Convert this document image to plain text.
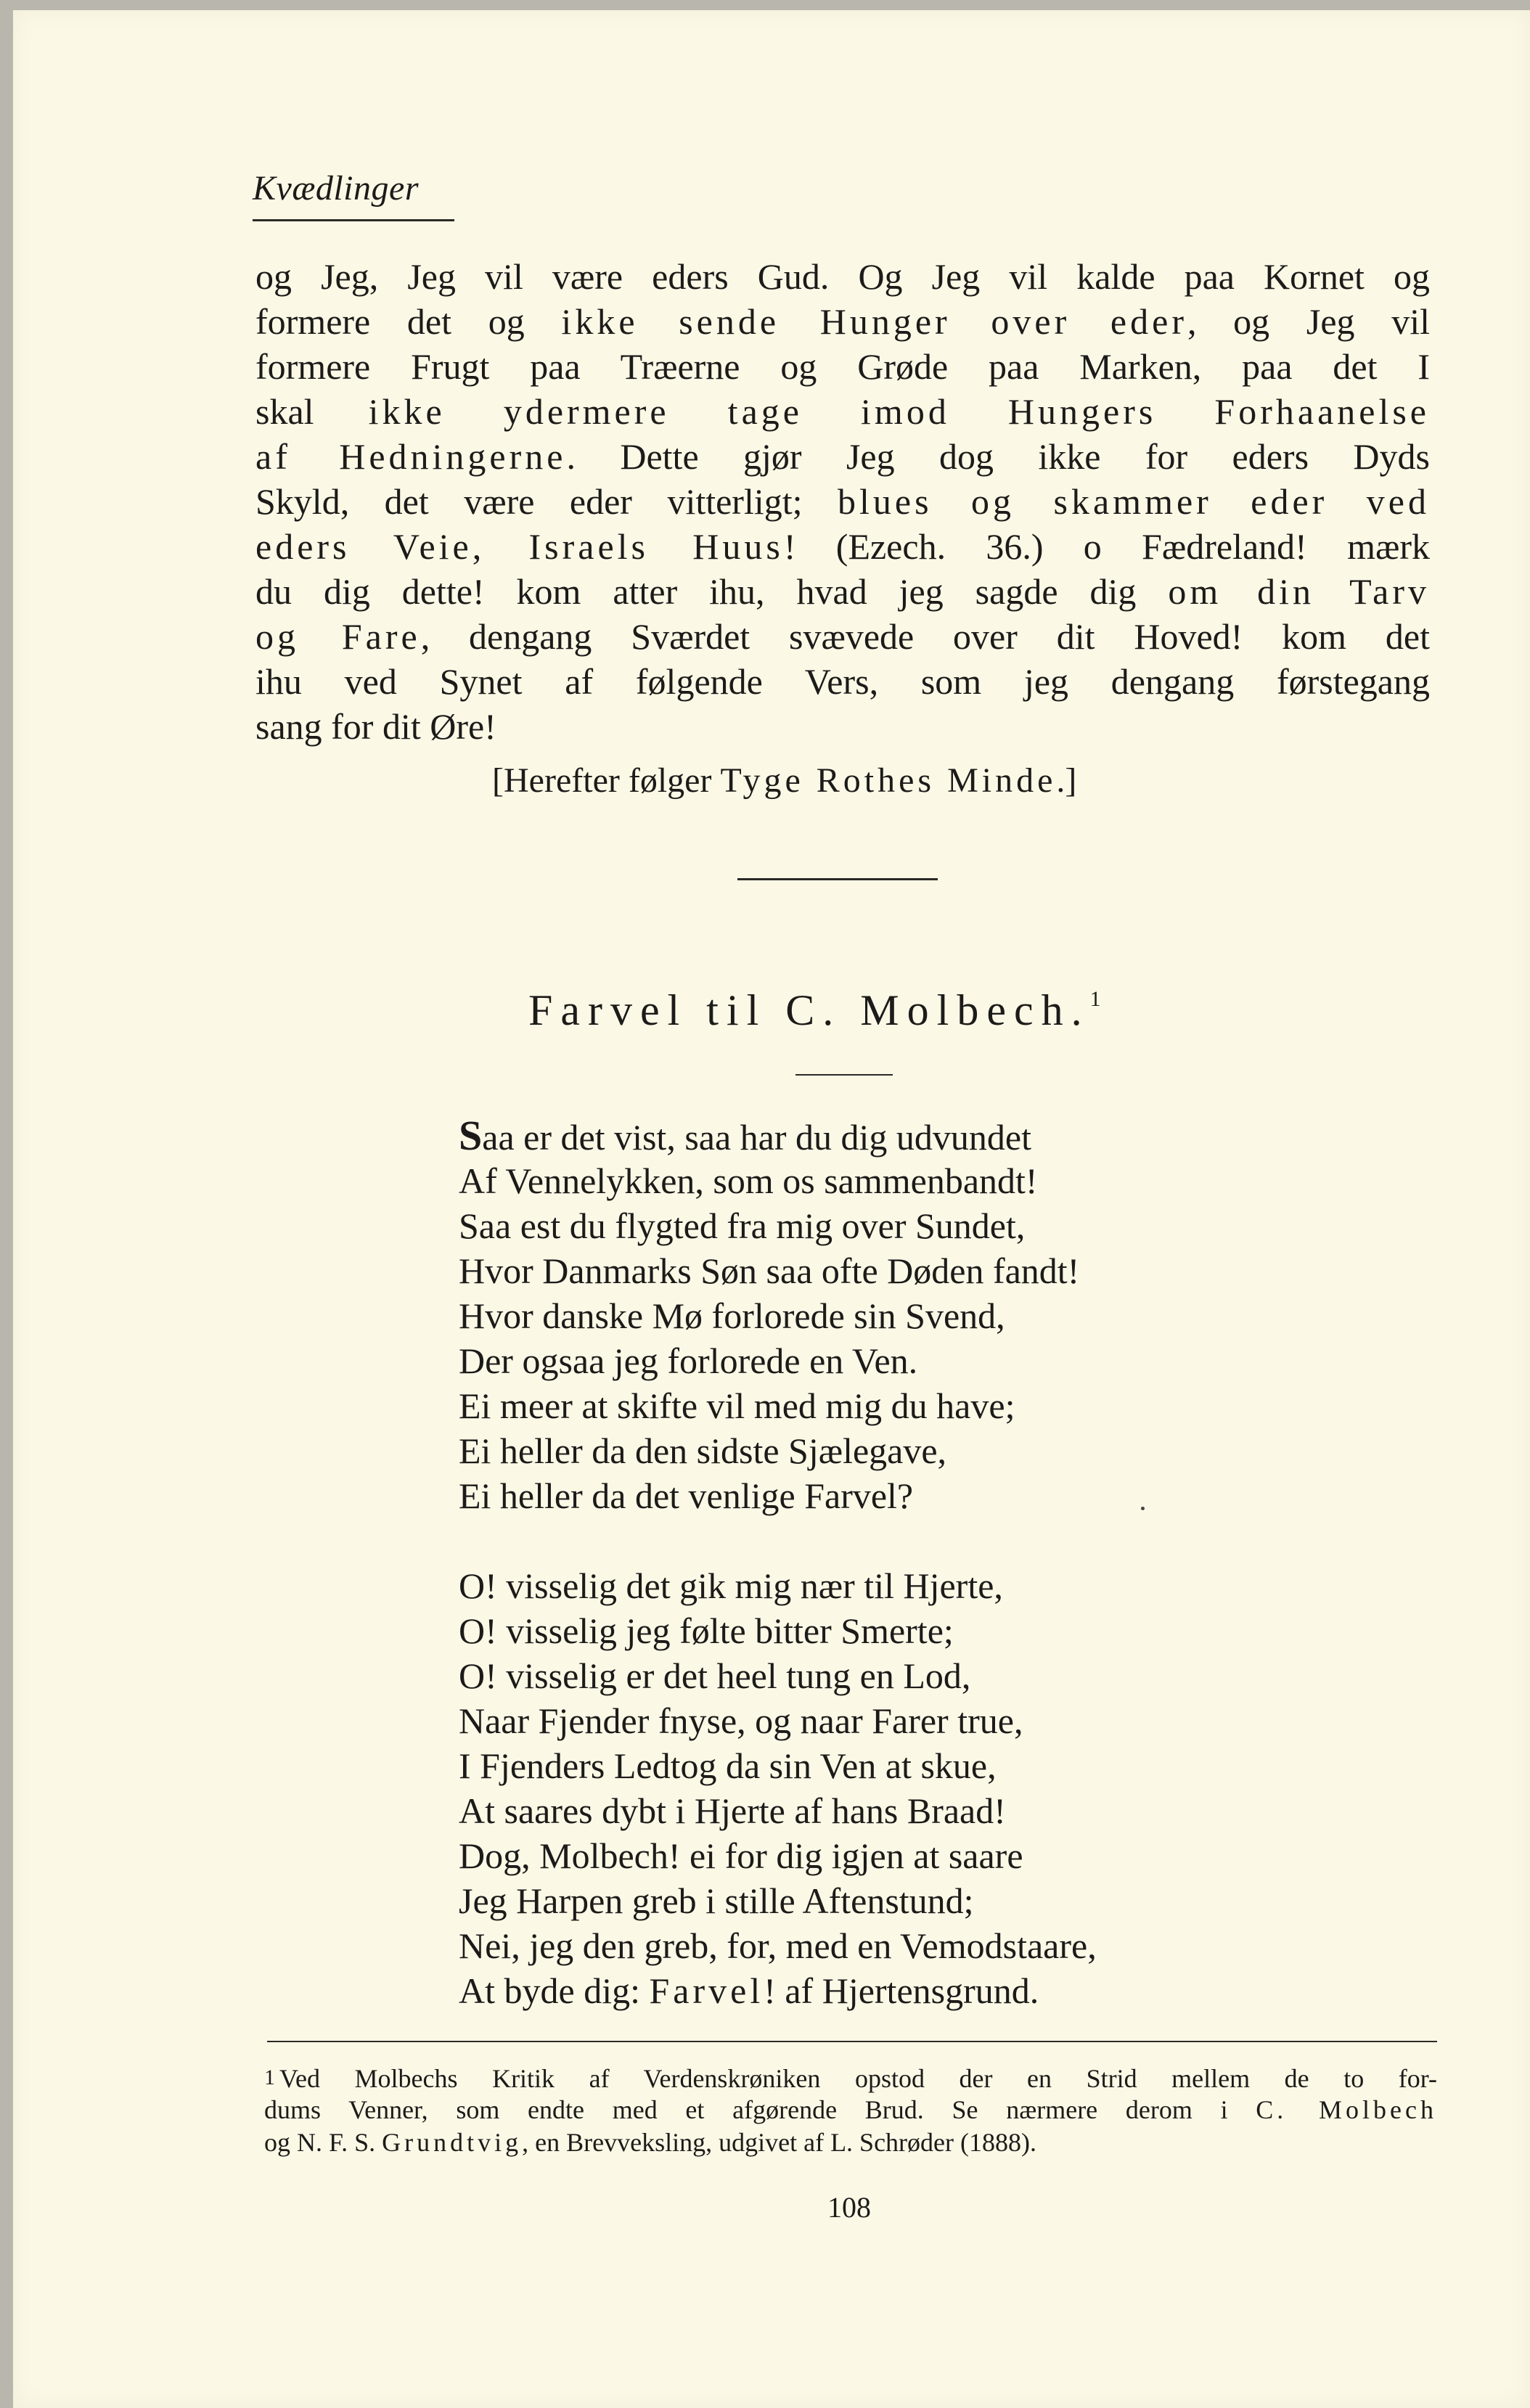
Kvædlinger
og Jeg, Jeg vil være eders Gud. Og Jeg vil kalde paa Kornet og
formere det og ikke sende Hunger over eder, og Jeg vil
formere Frugt paa Træerne og Grøde paa Marken, paa det I
skal ikke ydermere tage imod Hungers Forhaanelse
af Hedningerne. Dette gjør Jeg dog ikke for eders Dyds
Skyld, det være eder vitterligt; blues og skammer eder ved
eders Veie, Israels Huus! (Ezech. 36.) o Fædreland! mærk
du dig dette! kom atter ihu, hvad jeg sagde dig om din Tarv
og Fare, dengang Sværdet svævede over dit Hoved! kom det
ihu ved Synet af følgende Vers, som jeg dengang førstegang
sang for dit Øre!
[Herefter følger Tyge Rothes Minde.]
Farvel til C. Molbech.$^1$
Saa er det vist, saa har du dig udvundet
Af Vennelykken, som os sammenbandt!
Saa est du flygted fra mig over Sundet,
Hvor Danmarks Søn saa ofte Døden fandt!
Hvor danske Mø forlorede sin Svend,
Der ogsaa jeg forlorede en Ven.
Ei meer at skifte vil med mig du have;
Ei heller da den sidste Sjælegave,
Ei heller da det venlige Farvel?
O! visselig det gik mig nær til Hjerte,
O! visselig jeg følte bitter Smerte;
O! visselig er det heel tung en Lod,
Naar Fjender fnyse, og naar Farer true,
I Fjenders Ledtog da sin Ven at skue,
At saares dybt i Hjerte af hans Braad!
Dog, Molbech! ei for dig igjen at saare
Jeg Harpen greb i stille Aftenstund;
Nei, jeg den greb, for, med en Vemodstaare,
At byde dig: Farvel! af Hjertensgrund.
1 Ved Molbechs Kritik af Verdenskrøniken opstod der en Strid mellem de to for-
dums Venner, som endte med et afgørende Brud. Se nærmere derom i C. Molbech
og N. F. S. Grundtvig, en Brevveksling, udgivet af L. Schrøder (1888).
108
